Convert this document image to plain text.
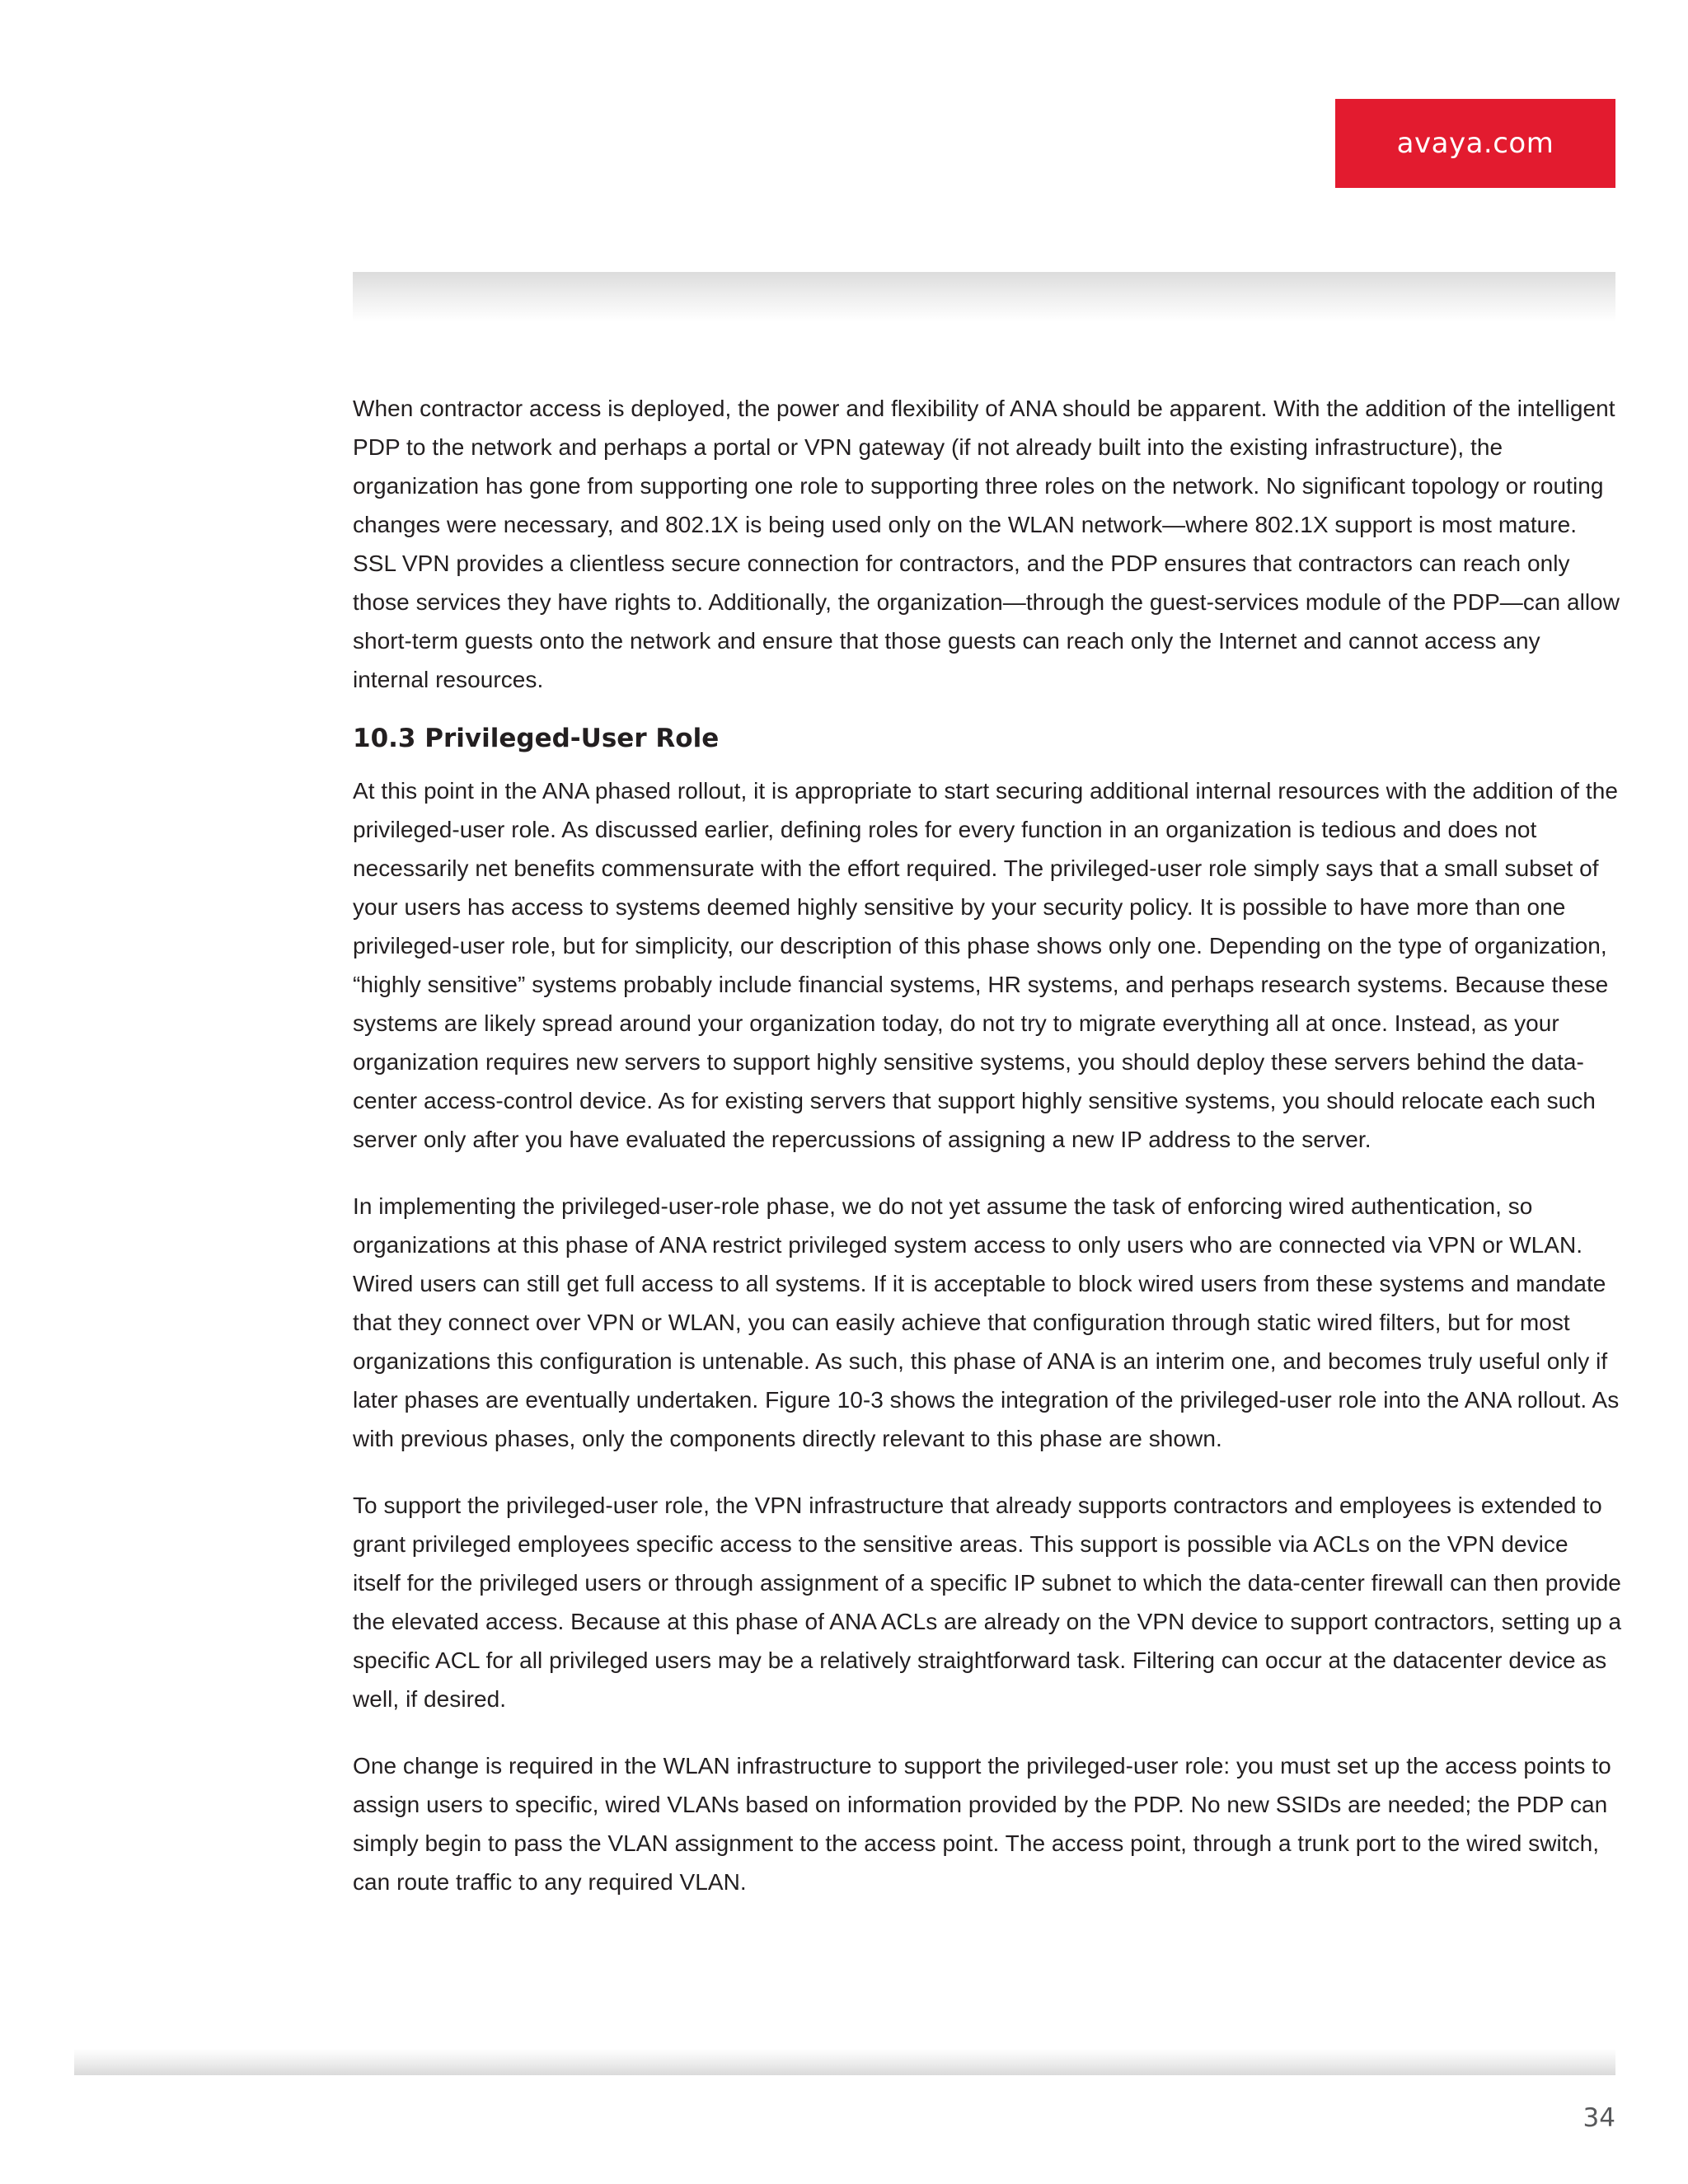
avaya.com

When contractor access is deployed, the power and flexibility of ANA should be apparent. With the addition of the intelligent PDP to the network and perhaps a portal or VPN gateway (if not already built into the existing infrastructure), the organization has gone from supporting one role to supporting three roles on the network. No significant topology or routing changes were necessary, and 802.1X is being used only on the WLAN network—where 802.1X support is most mature. SSL VPN provides a clientless secure connection for contractors, and the PDP ensures that contractors can reach only those services they have rights to. Additionally, the organization—through the guest-services module of the PDP—can allow short-term guests onto the network and ensure that those guests can reach only the Internet and cannot access any internal resources.

10.3 Privileged-User Role

At this point in the ANA phased rollout, it is appropriate to start securing additional internal resources with the addition of the privileged-user role. As discussed earlier, defining roles for every function in an organization is tedious and does not necessarily net benefits commensurate with the effort required. The privileged-user role simply says that a small subset of your users has access to systems deemed highly sensitive by your security policy. It is possible to have more than one privileged-user role, but for simplicity, our description of this phase shows only one. Depending on the type of organization, “highly sensitive” systems probably include financial systems, HR systems, and perhaps research systems. Because these systems are likely spread around your organization today, do not try to migrate everything all at once. Instead, as your organization requires new servers to support highly sensitive systems, you should deploy these servers behind the data-center access-control device. As for existing servers that support highly sensitive systems, you should relocate each such server only after you have evaluated the repercussions of assigning a new IP address to the server.

In implementing the privileged-user-role phase, we do not yet assume the task of enforcing wired authentication, so organizations at this phase of ANA restrict privileged system access to only users who are connected via VPN or WLAN. Wired users can still get full access to all systems. If it is acceptable to block wired users from these systems and mandate that they connect over VPN or WLAN, you can easily achieve that configuration through static wired filters, but for most organizations this configuration is untenable. As such, this phase of ANA is an interim one, and becomes truly useful only if later phases are eventually undertaken. Figure 10-3 shows the integration of the privileged-user role into the ANA rollout. As with previous phases, only the components directly relevant to this phase are shown.

To support the privileged-user role, the VPN infrastructure that already supports contractors and employees is extended to grant privileged employees specific access to the sensitive areas. This support is possible via ACLs on the VPN device itself for the privileged users or through assignment of a specific IP subnet to which the data-center firewall can then provide the elevated access. Because at this phase of ANA ACLs are already on the VPN device to support contractors, setting up a specific ACL for all privileged users may be a relatively straightforward task. Filtering can occur at the datacenter device as well, if desired.

One change is required in the WLAN infrastructure to support the privileged-user role: you must set up the access points to assign users to specific, wired VLANs based on information provided by the PDP. No new SSIDs are needed; the PDP can simply begin to pass the VLAN assignment to the access point. The access point, through a trunk port to the wired switch, can route traffic to any required VLAN.

34
